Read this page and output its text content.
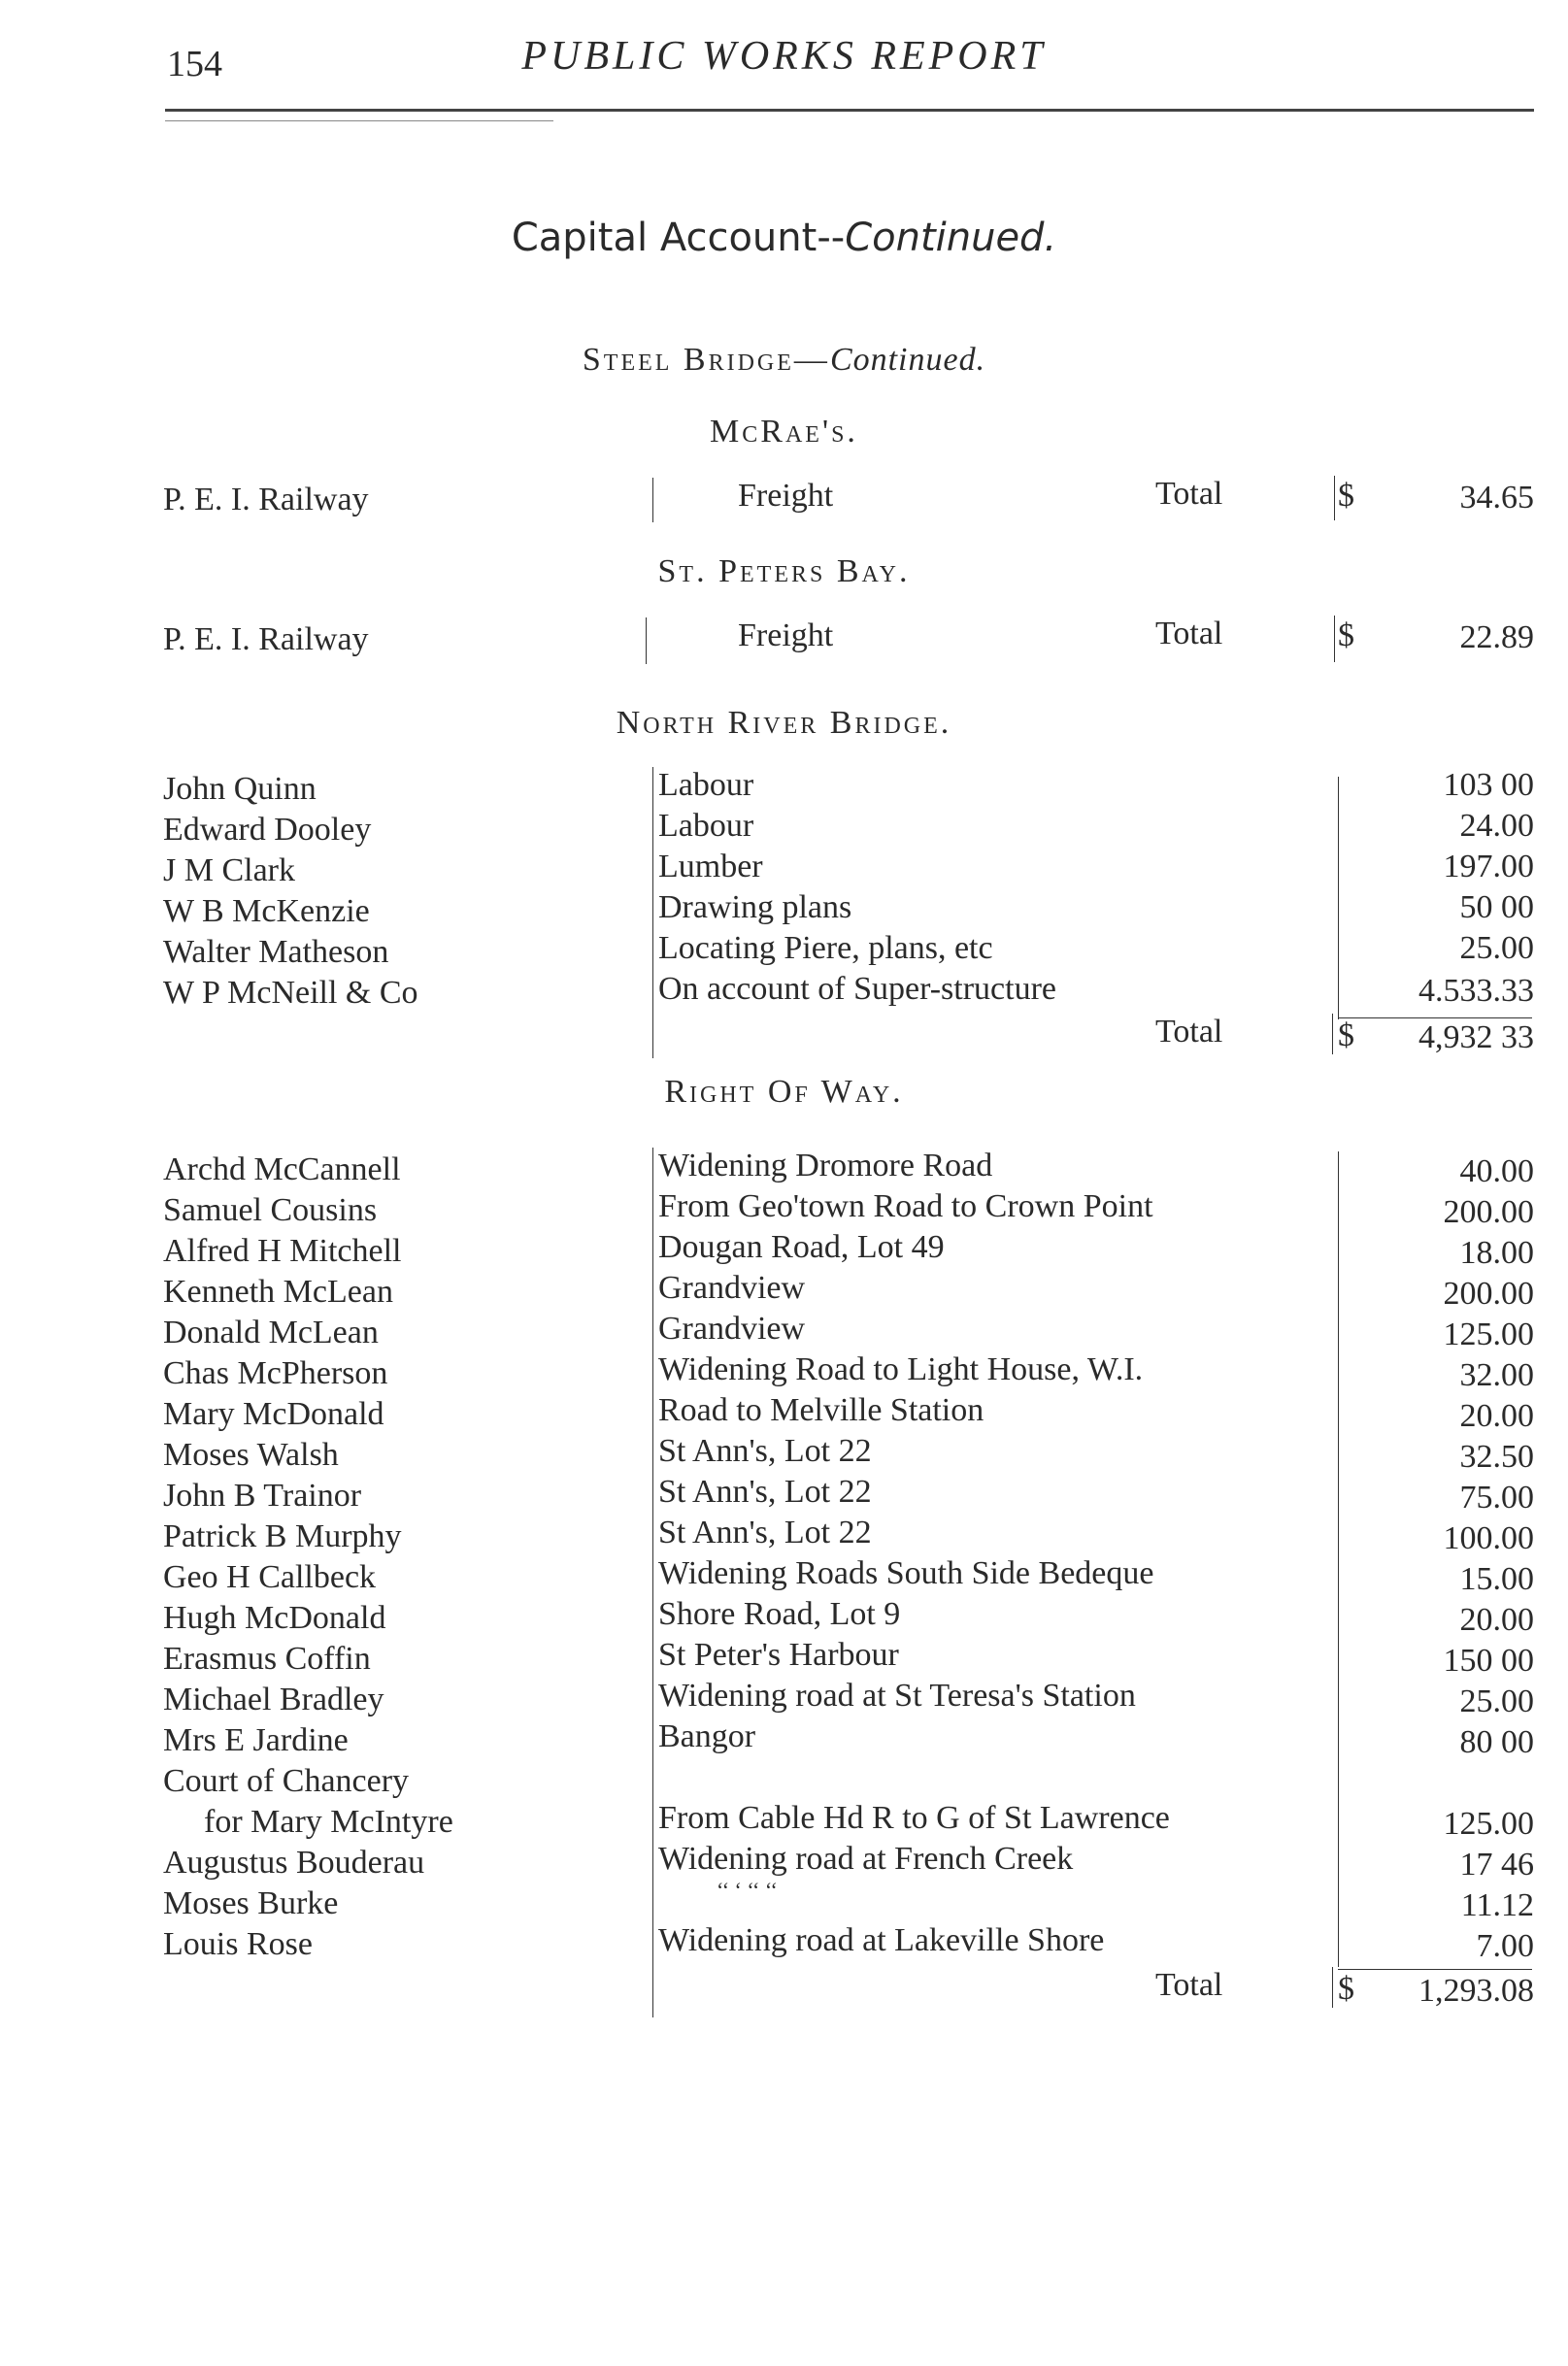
154	PUBLIC WORKS REPORT
Capital Account--Continued.
Steel Bridge—Continued.
McRae's.
P. E. I. Railway	Freight	Total	$	34.65
St. Peters Bay.
P. E. I. Railway	Freight	Total	$	22.89
North River Bridge.
John Quinn	Labour	103 00
Edward Dooley	Labour	24.00
J M Clark	Lumber	197.00
W B McKenzie	Drawing plans	50 00
Walter Matheson	Locating Piere, plans, etc	25.00
W P McNeill & Co	On account of Super-structure	4.533.33
Total	$	4,932 33
Right Of Way.
Archd McCannell	Widening Dromore Road	40.00
Samuel Cousins	From Geo'town Road to Crown Point	200.00
Alfred H Mitchell	Dougan Road, Lot 49	18.00
Kenneth McLean	Grandview	200.00
Donald McLean	Grandview	125.00
Chas McPherson	Widening Road to Light House, W.I.	32.00
Mary McDonald	Road to Melville Station	20.00
Moses Walsh	St Ann's, Lot 22	32.50
John B Trainor	St Ann's, Lot 22	75.00
Patrick B Murphy	St Ann's, Lot 22	100.00
Geo H Callbeck	Widening Roads South Side Bedeque	15.00
Hugh McDonald	Shore Road, Lot 9	20.00
Erasmus Coffin	St Peter's Harbour	150 00
Michael Bradley	Widening road at St Teresa's Station	25.00
Mrs E Jardine	Bangor	80 00
Court of Chancery
for Mary McIntyre	From Cable Hd R to G of St Lawrence	125.00
Augustus Bouderau	Widening road at French Creek	17 46
Moses Burke	‘‘ ‘ ‘‘ ‘‘	11.12
Louis Rose	Widening road at Lakeville Shore	7.00
Total	$	1,293.08
